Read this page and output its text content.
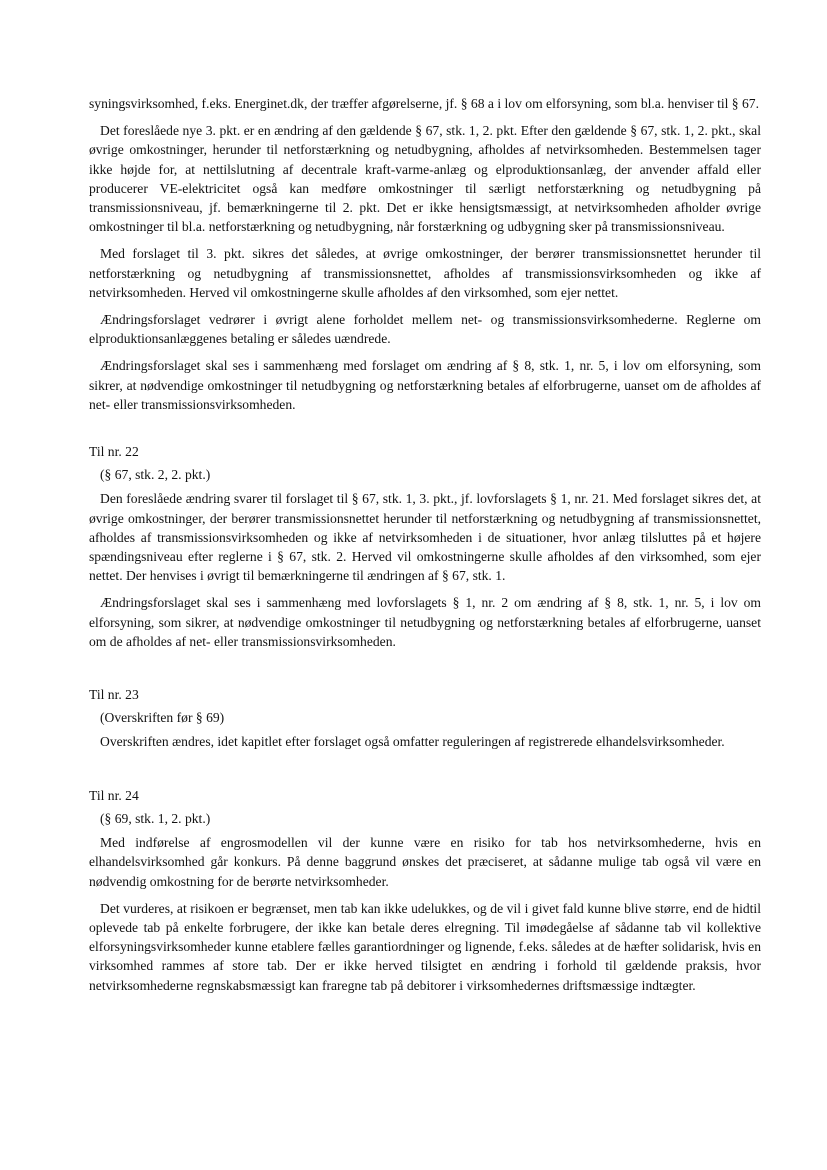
syningsvirksomhed, f.eks. Energinet.dk, der træffer afgørelserne, jf. § 68 a i lov om elforsyning, som bl.a. henviser til § 67.

Det foreslåede nye 3. pkt. er en ændring af den gældende § 67, stk. 1, 2. pkt. Efter den gældende § 67, stk. 1, 2. pkt., skal øvrige omkostninger, herunder til netforstærkning og netudbygning, afholdes af netvirksomheden. Bestemmelsen tager ikke højde for, at nettilslutning af decentrale kraft-varme-anlæg og elproduktionsanlæg, der anvender affald eller producerer VE-elektricitet også kan medføre omkostninger til særligt netforstærkning og netudbygning på transmissionsniveau, jf. bemærkningerne til 2. pkt. Det er ikke hensigtsmæssigt, at netvirksomheden afholder øvrige omkostninger til bl.a. netforstærkning og netudbygning, når forstærkning og udbygning sker på transmissionsniveau.

Med forslaget til 3. pkt. sikres det således, at øvrige omkostninger, der berører transmissionsnettet herunder til netforstærkning og netudbygning af transmissionsnettet, afholdes af transmissionsvirksomheden og ikke af netvirksomheden. Herved vil omkostningerne skulle afholdes af den virksomhed, som ejer nettet.

Ændringsforslaget vedrører i øvrigt alene forholdet mellem net- og transmissionsvirksomhederne. Reglerne om elproduktionsanlæggenes betaling er således uændrede.

Ændringsforslaget skal ses i sammenhæng med forslaget om ændring af § 8, stk. 1, nr. 5, i lov om elforsyning, som sikrer, at nødvendige omkostninger til netudbygning og netforstærkning betales af elforbrugerne, uanset om de afholdes af net- eller transmissionsvirksomheden.

Til nr. 22

(§ 67, stk. 2, 2. pkt.)

Den foreslåede ændring svarer til forslaget til § 67, stk. 1, 3. pkt., jf. lovforslagets § 1, nr. 21. Med forslaget sikres det, at øvrige omkostninger, der berører transmissionsnettet herunder til netforstærkning og netudbygning af transmissionsnettet, afholdes af transmissionsvirksomheden og ikke af netvirksomheden i de situationer, hvor anlæg tilsluttes på et højere spændingsniveau efter reglerne i § 67, stk. 2. Herved vil omkostningerne skulle afholdes af den virksomhed, som ejer nettet. Der henvises i øvrigt til bemærkningerne til ændringen af § 67, stk. 1.

Ændringsforslaget skal ses i sammenhæng med lovforslagets § 1, nr. 2 om ændring af § 8, stk. 1, nr. 5, i lov om elforsyning, som sikrer, at nødvendige omkostninger til netudbygning og netforstærkning betales af elforbrugerne, uanset om de afholdes af net- eller transmissionsvirksomheden.

Til nr. 23

(Overskriften før § 69)

Overskriften ændres, idet kapitlet efter forslaget også omfatter reguleringen af registrerede elhandelsvirksomheder.

Til nr. 24

(§ 69, stk. 1, 2. pkt.)

Med indførelse af engrosmodellen vil der kunne være en risiko for tab hos netvirksomhederne, hvis en elhandelsvirksomhed går konkurs. På denne baggrund ønskes det præciseret, at sådanne mulige tab også vil være en nødvendig omkostning for de berørte netvirksomheder.

Det vurderes, at risikoen er begrænset, men tab kan ikke udelukkes, og de vil i givet fald kunne blive større, end de hidtil oplevede tab på enkelte forbrugere, der ikke kan betale deres elregning. Til imødegåelse af sådanne tab vil kollektive elforsyningsvirksomheder kunne etablere fælles garantiordninger og lignende, f.eks. således at de hæfter solidarisk, hvis en virksomhed rammes af store tab. Der er ikke herved tilsigtet en ændring i forhold til gældende praksis, hvor netvirksomhederne regnskabsmæssigt kan fraregne tab på debitorer i virksomhedernes driftsmæssige indtægter.
